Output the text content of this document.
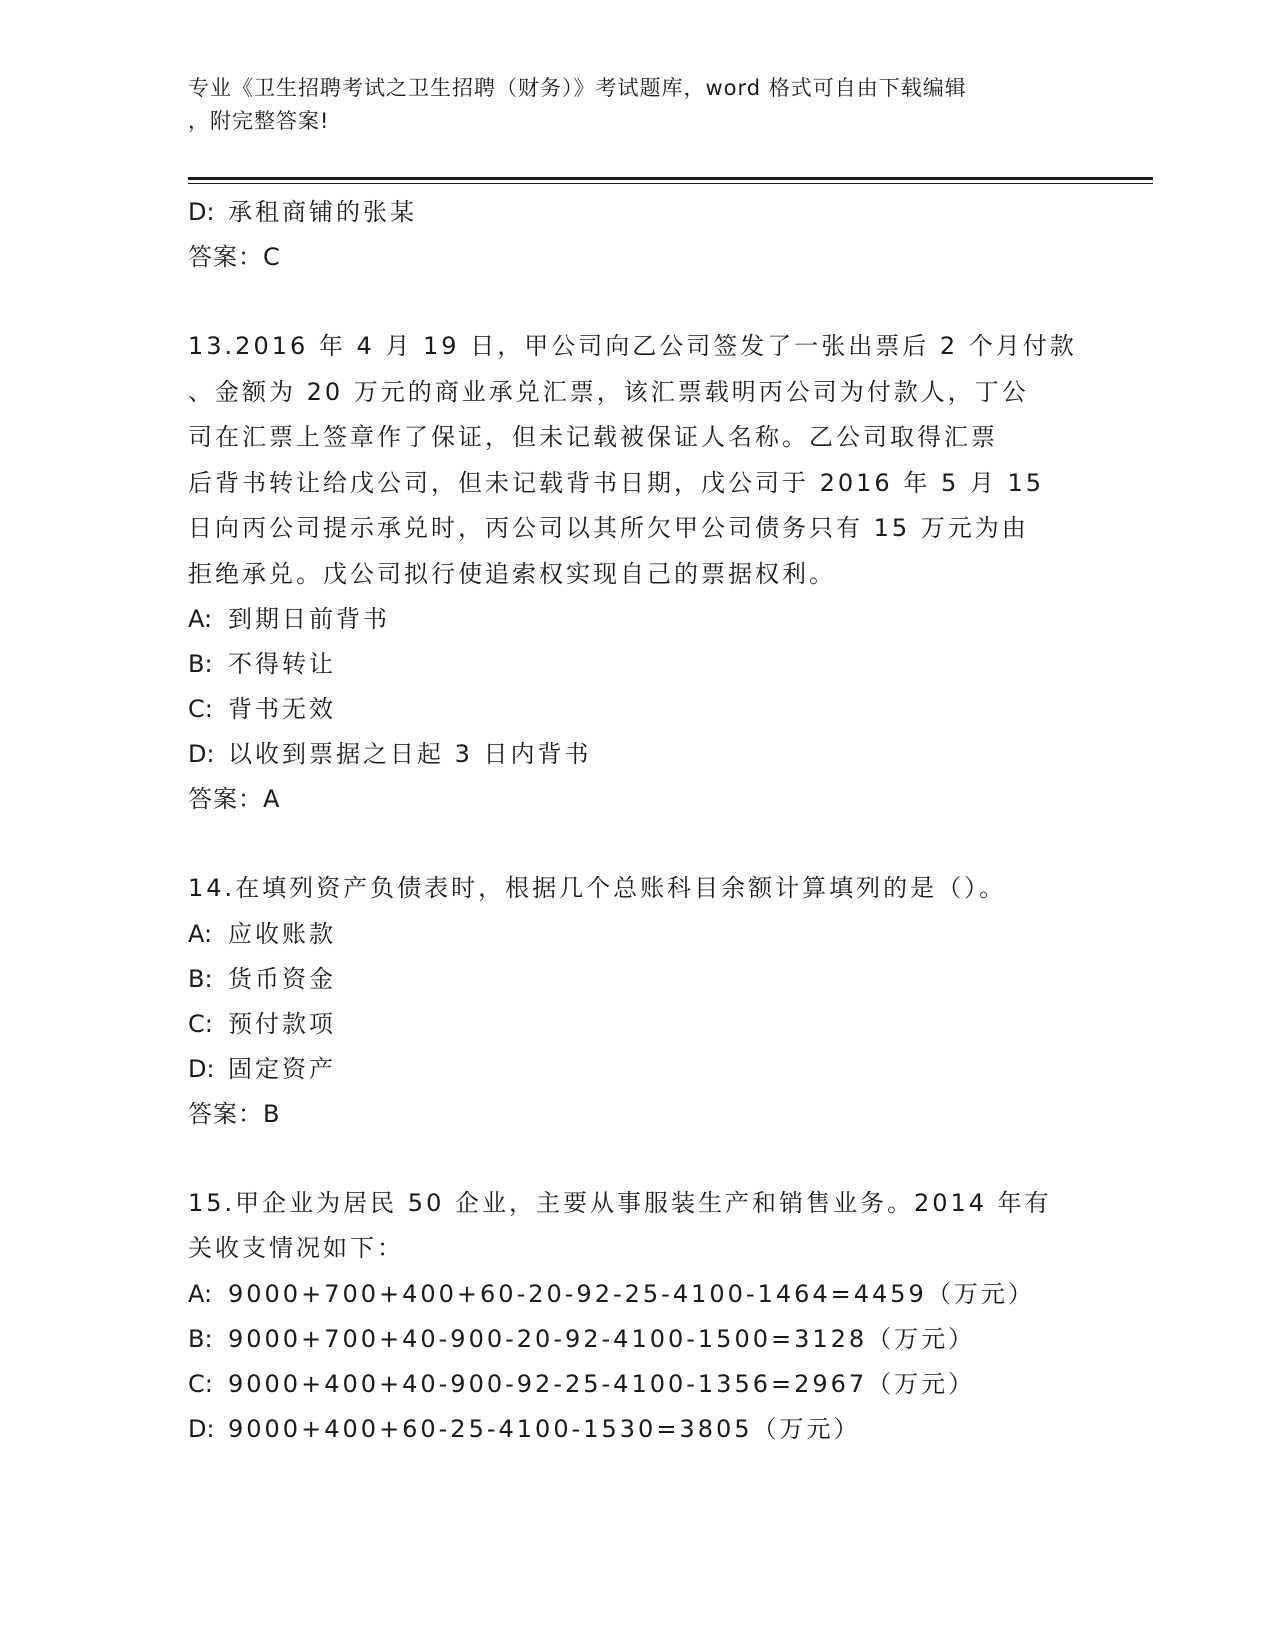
专业《卫生招聘考试之卫生招聘（财务）》考试题库，word 格式可自由下载编辑
，附完整答案!
D: 承租商铺的张某
答案：C
13.2016 年 4 月 19 日，甲公司向乙公司签发了一张出票后 2 个月付款
、金额为 20 万元的商业承兑汇票，该汇票载明丙公司为付款人，丁公
司在汇票上签章作了保证，但未记载被保证人名称。乙公司取得汇票
后背书转让给戊公司，但未记载背书日期，戊公司于 2016 年 5 月 15
日向丙公司提示承兑时，丙公司以其所欠甲公司债务只有 15 万元为由
拒绝承兑。戊公司拟行使追索权实现自己的票据权利。
A: 到期日前背书
B: 不得转让
C: 背书无效
D: 以收到票据之日起 3 日内背书
答案：A
14.在填列资产负债表时，根据几个总账科目余额计算填列的是（）。
A: 应收账款
B: 货币资金
C: 预付款项
D: 固定资产
答案：B
15.甲企业为居民 50 企业，主要从事服装生产和销售业务。2014 年有
关收支情况如下：
A: 9000+700+400+60-20-92-25-4100-1464=4459（万元）
B: 9000+700+40-900-20-92-4100-1500=3128（万元）
C: 9000+400+40-900-92-25-4100-1356=2967（万元）
D: 9000+400+60-25-4100-1530=3805（万元）
